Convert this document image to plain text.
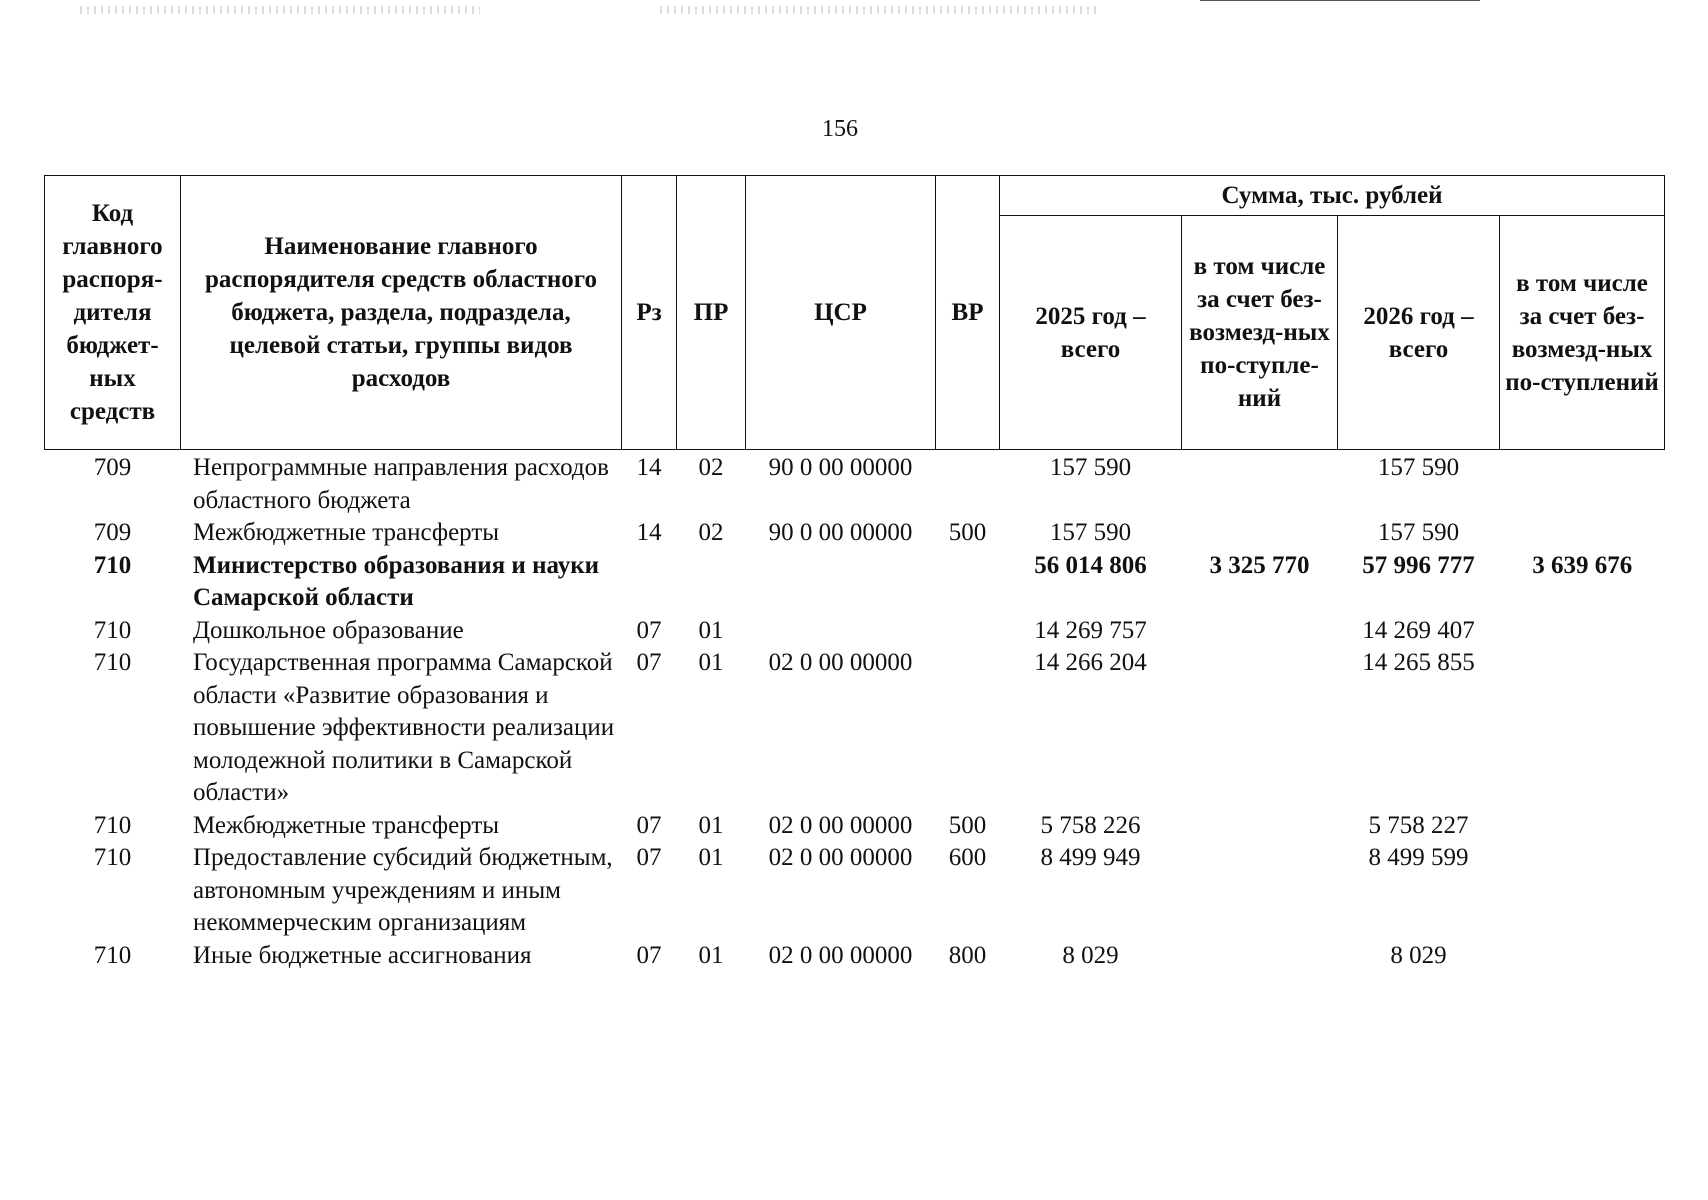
156
Код главного распоря-дителя бюджет-ных средств	Наименование главного распорядителя средств областного бюджета, раздела, подраздела, целевой статьи, группы видов расходов	Рз	ПР	ЦСР	ВР	Сумма, тыс. рублей			
						2025 год – всего	в том числе за счет без-возмезд-ных по-ступле-ний	2026 год – всего	в том числе за счет без-возмезд-ных по-ступлений
709	Непрограммные направления расходов областного бюджета	14	02	90 0 00 00000		157 590		157 590	
709	Межбюджетные трансферты	14	02	90 0 00 00000	500	157 590		157 590	
710	Министерство образования и науки Самарской области					56 014 806	3 325 770	57 996 777	3 639 676
710	Дошкольное образование	07	01			14 269 757		14 269 407	
710	Государственная программа Самарской области «Развитие образования и повышение эффективности реализации молодежной политики в Самарской области»	07	01	02 0 00 00000		14 266 204		14 265 855	
710	Межбюджетные трансферты	07	01	02 0 00 00000	500	5 758 226		5 758 227	
710	Предоставление субсидий бюджетным, автономным учреждениям и иным некоммерческим организациям	07	01	02 0 00 00000	600	8 499 949		8 499 599	
710	Иные бюджетные ассигнования	07	01	02 0 00 00000	800	8 029		8 029	
